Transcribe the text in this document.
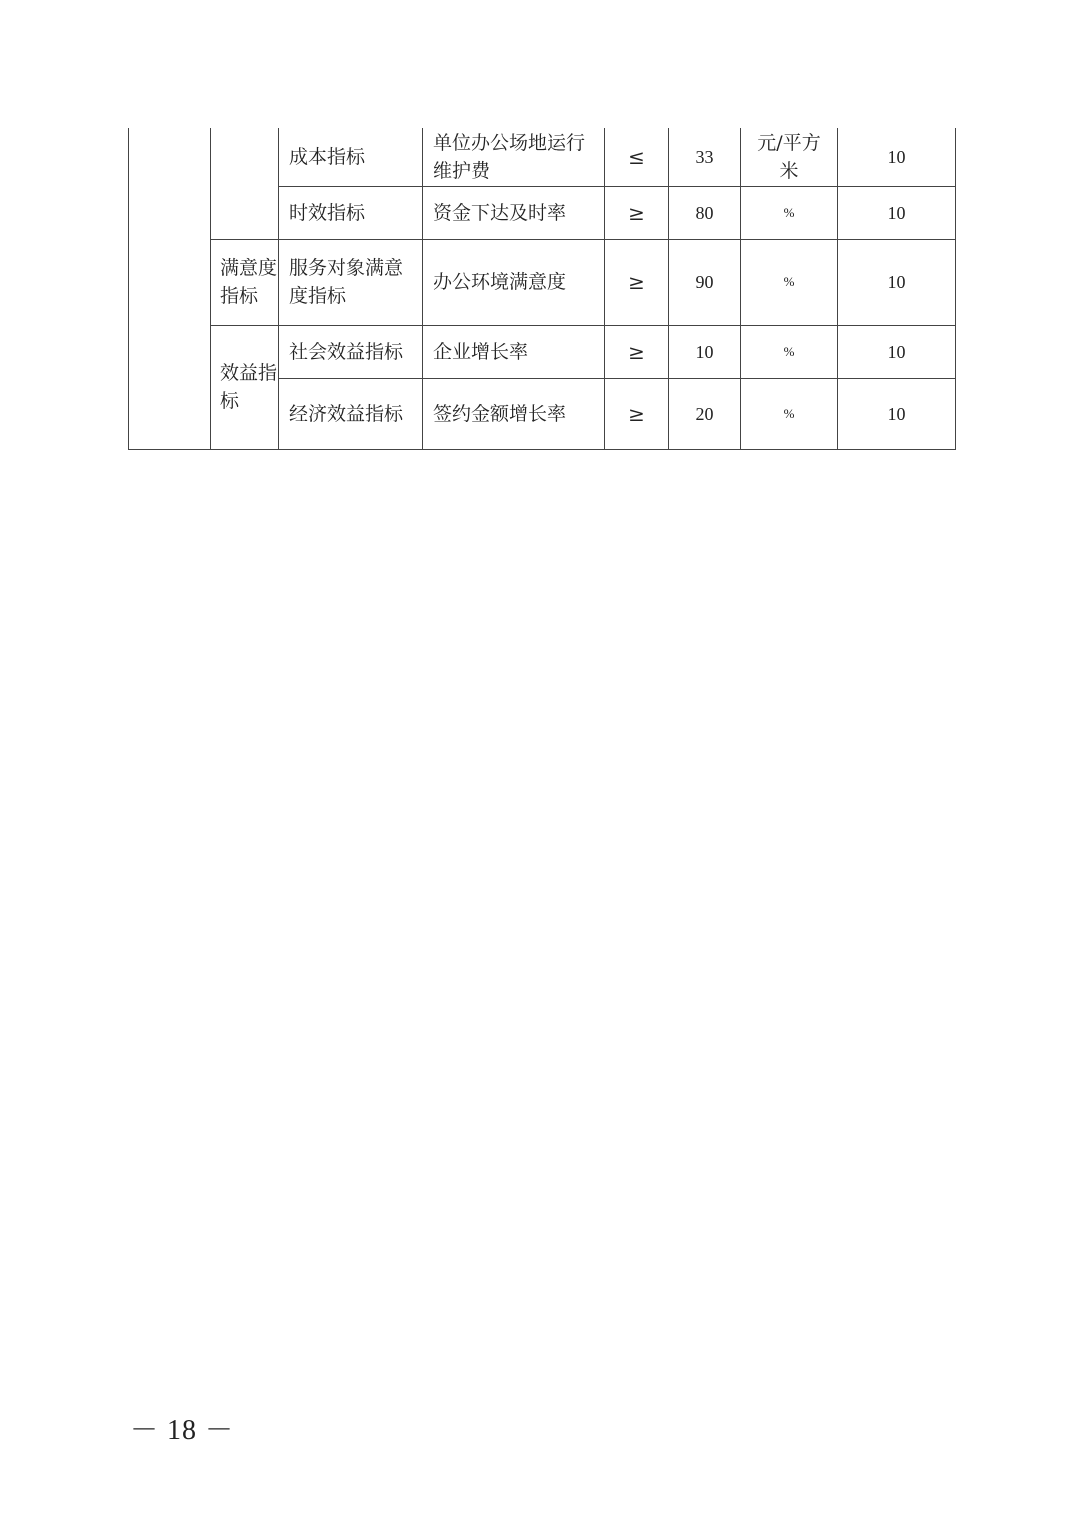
		成本指标	单位办公场地运行维护费	≤	33	元/平方米	10
		时效指标	资金下达及时率	≥	80	%	10
	满意度指标	服务对象满意度指标	办公环境满意度	≥	90	%	10
	效益指标	社会效益指标	企业增长率	≥	10	%	10
		经济效益指标	签约金额增长率	≥	20	%	10
－ 18 －
